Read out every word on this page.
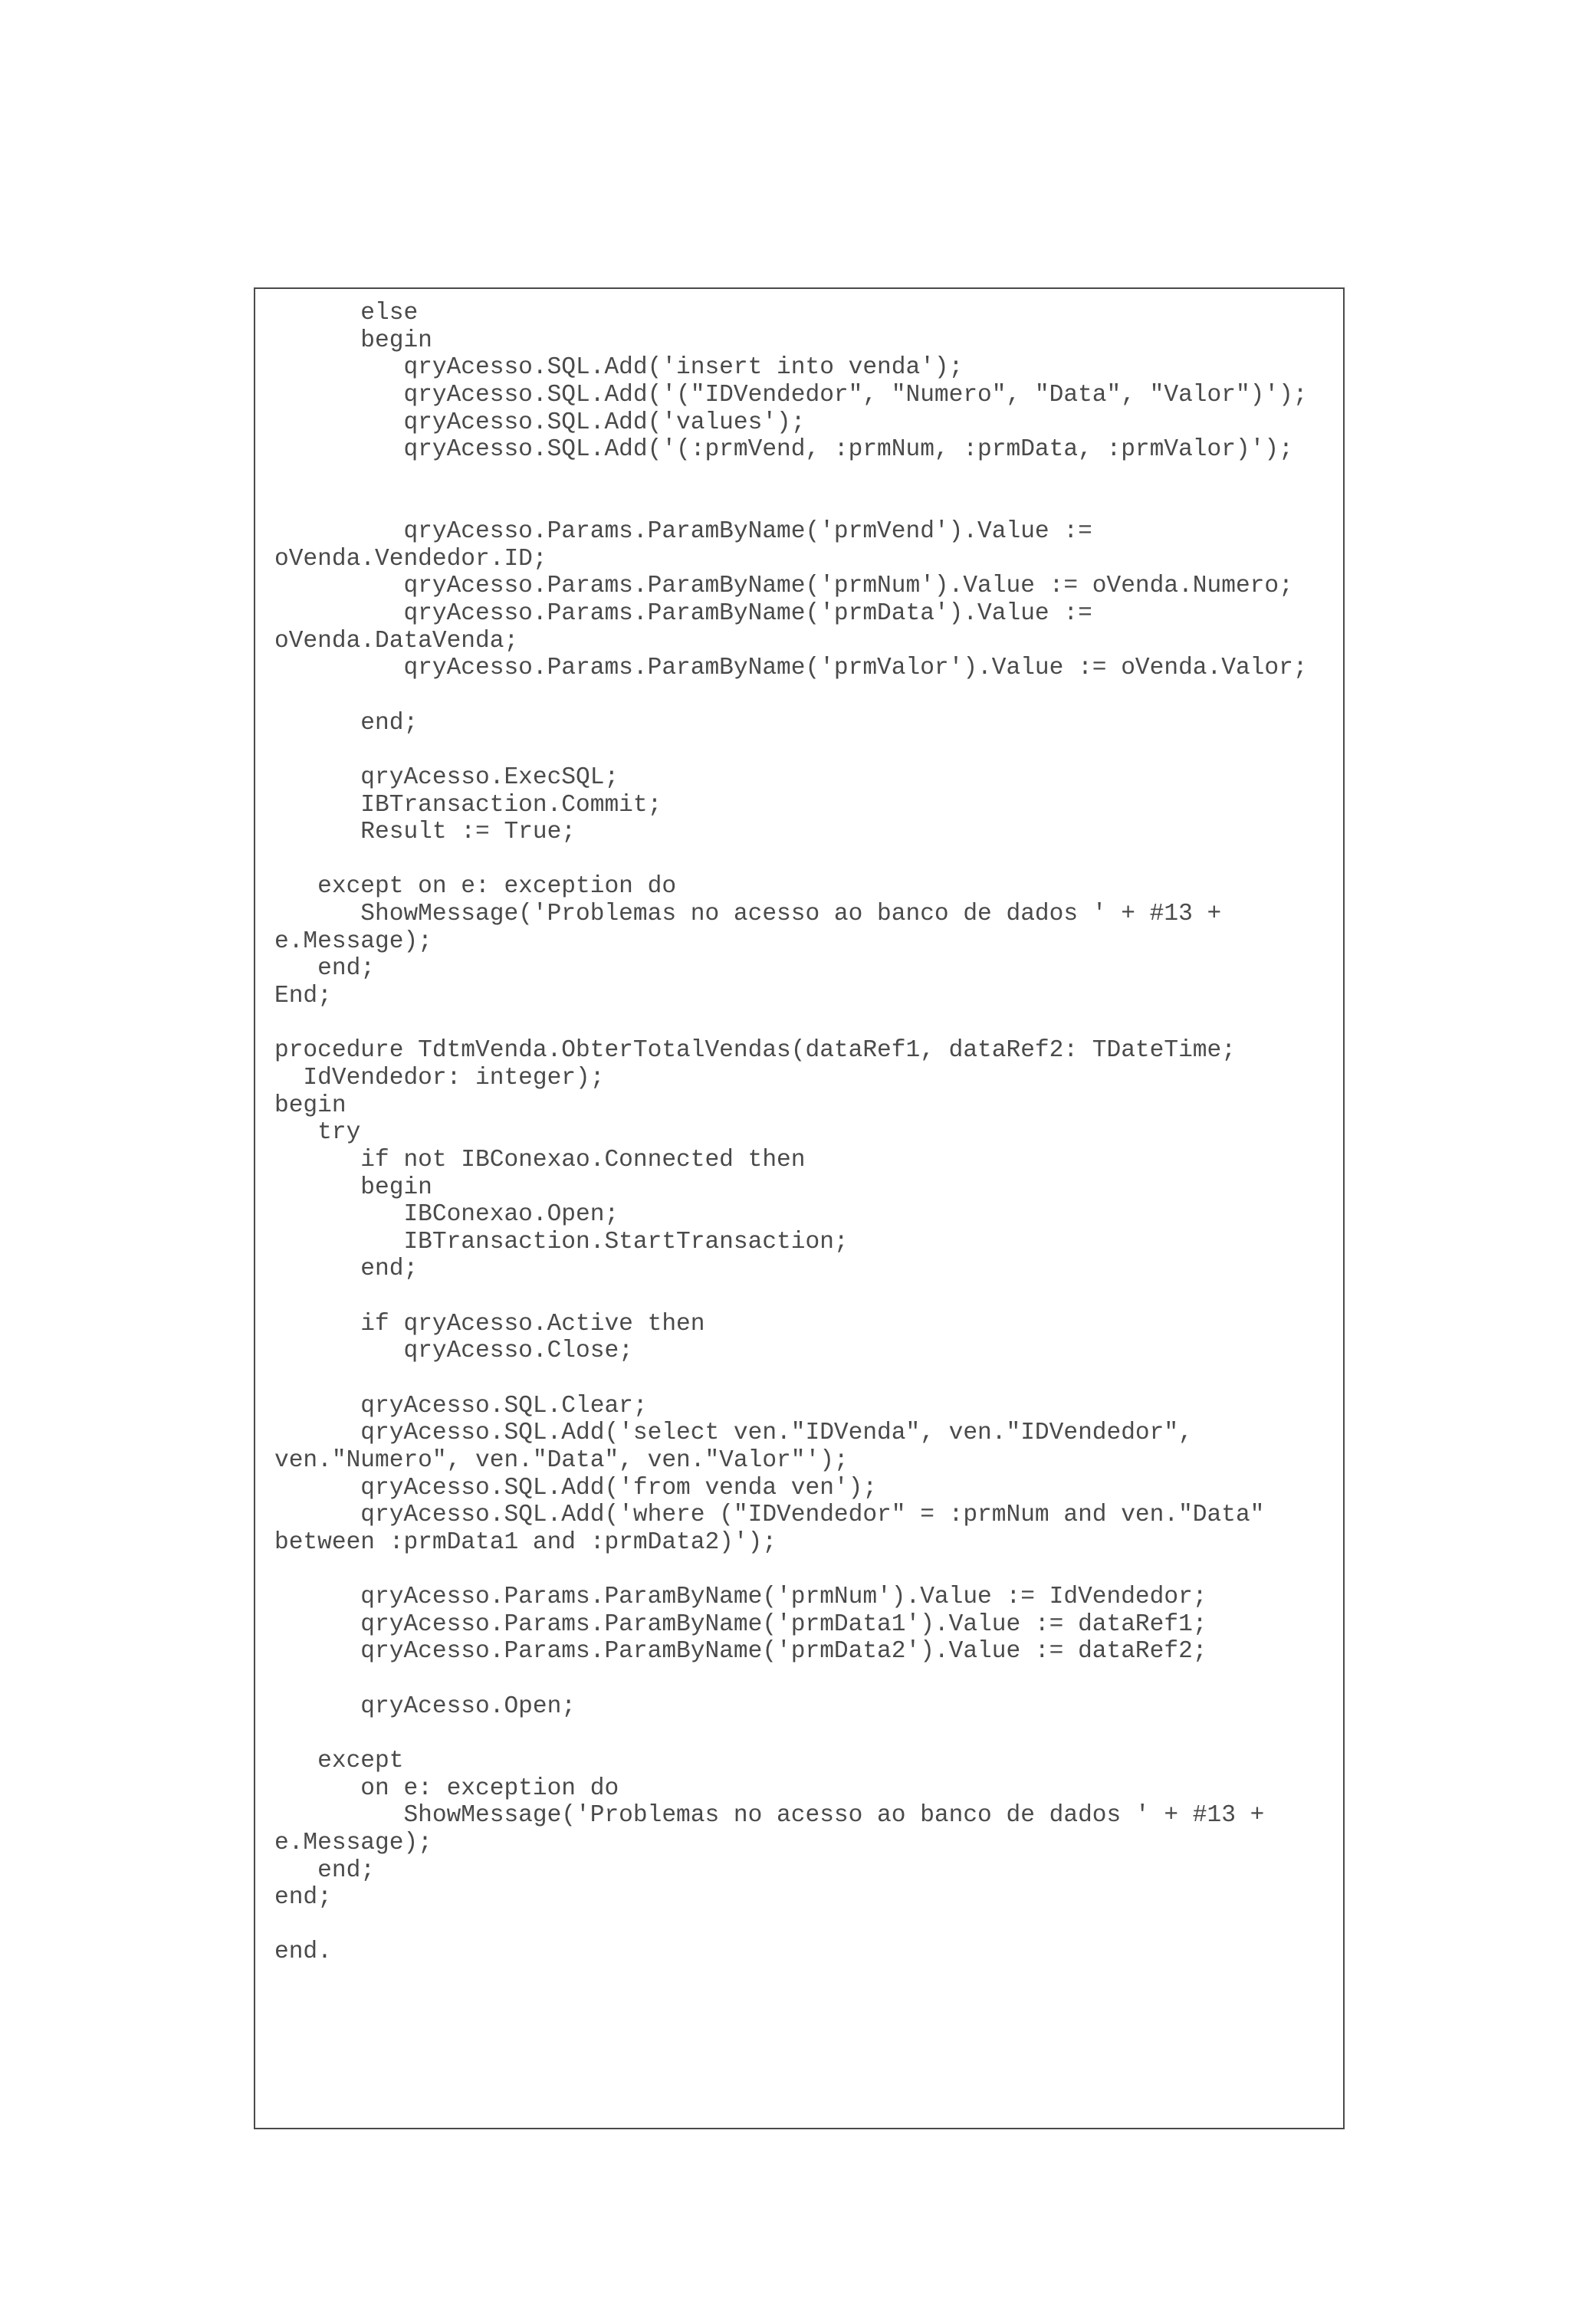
else
begin
qryAcesso.SQL.Add('insert into venda');
qryAcesso.SQL.Add('("IDVendedor", "Numero", "Data", "Valor")');
qryAcesso.SQL.Add('values');
qryAcesso.SQL.Add('(:prmVend, :prmNum, :prmData, :prmValor)');
qryAcesso.Params.ParamByName('prmVend').Value :=
oVenda.Vendedor.ID;
qryAcesso.Params.ParamByName('prmNum').Value := oVenda.Numero;
qryAcesso.Params.ParamByName('prmData').Value :=
oVenda.DataVenda;
qryAcesso.Params.ParamByName('prmValor').Value := oVenda.Valor;
end;
qryAcesso.ExecSQL;
IBTransaction.Commit;
Result := True;
except on e: exception do
ShowMessage('Problemas no acesso ao banco de dados ' + #13 +
e.Message);
end;
End;
procedure TdtmVenda.ObterTotalVendas(dataRef1, dataRef2: TDateTime;
IdVendedor: integer);
begin
try
if not IBConexao.Connected then
begin
IBConexao.Open;
IBTransaction.StartTransaction;
end;
if qryAcesso.Active then
qryAcesso.Close;
qryAcesso.SQL.Clear;
qryAcesso.SQL.Add('select ven."IDVenda", ven."IDVendedor",
ven."Numero", ven."Data", ven."Valor"');
qryAcesso.SQL.Add('from venda ven');
qryAcesso.SQL.Add('where ("IDVendedor" = :prmNum and ven."Data"
between :prmData1 and :prmData2)');
qryAcesso.Params.ParamByName('prmNum').Value := IdVendedor;
qryAcesso.Params.ParamByName('prmData1').Value := dataRef1;
qryAcesso.Params.ParamByName('prmData2').Value := dataRef2;
qryAcesso.Open;
except
on e: exception do
ShowMessage('Problemas no acesso ao banco de dados ' + #13 +
e.Message);
end;
end;
end.
